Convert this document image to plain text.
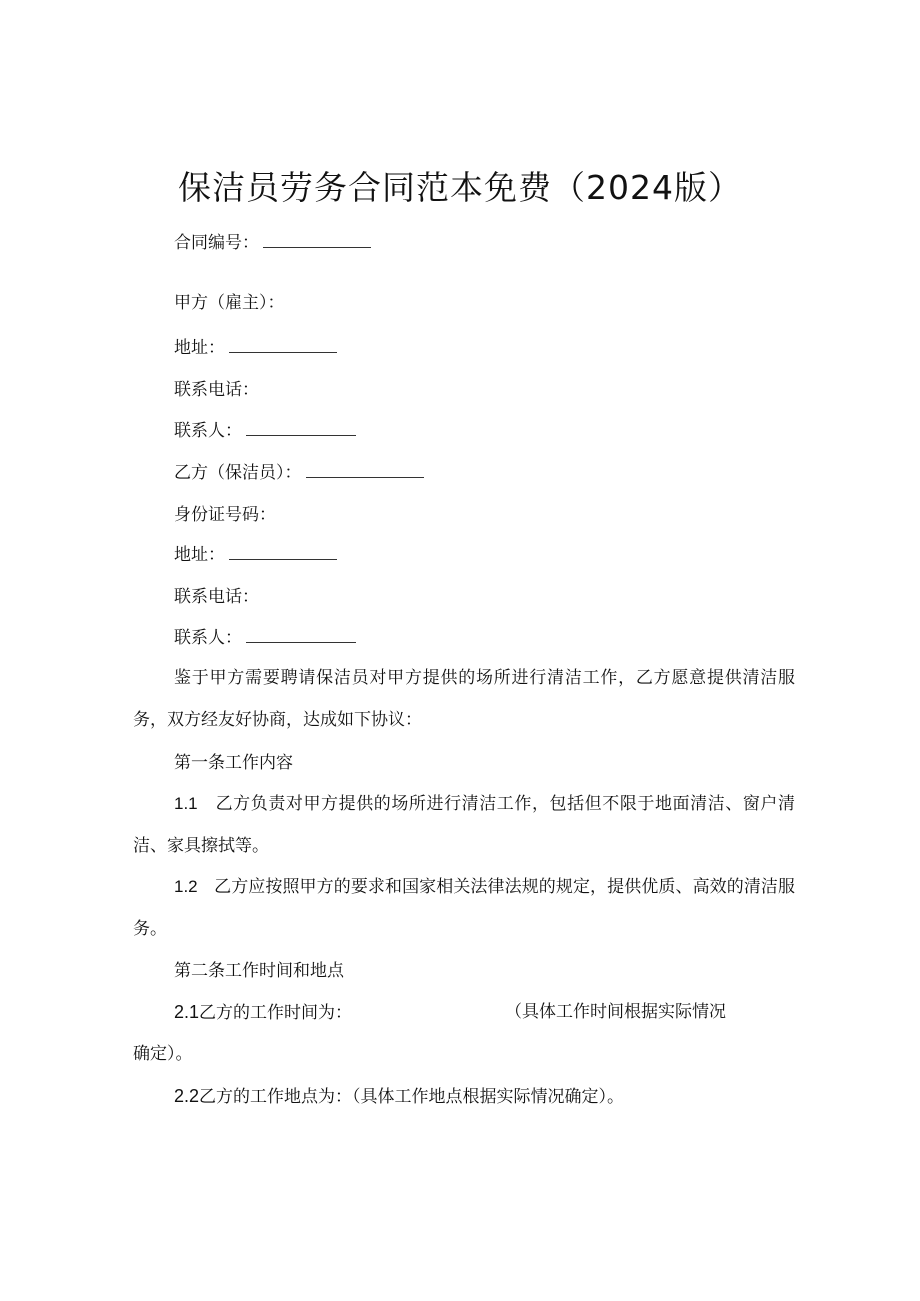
保洁员劳务合同范本免费（2024版）
合同编号：
甲方（雇主）：
地址：
联系电话：
联系人：
乙方（保洁员）：
身份证号码：
地址：
联系电话：
联系人：

鉴于甲方需要聘请保洁员对甲方提供的场所进行清洁工作，乙方愿意提供清洁服务，双方经友好协商，达成如下协议：

第一条工作内容

1.1 乙方负责对甲方提供的场所进行清洁工作，包括但不限于地面清洁、窗户清洁、家具擦拭等。

1.2 乙方应按照甲方的要求和国家相关法律法规的规定，提供优质、高效的清洁服务。

第二条工作时间和地点
2.1乙方的工作时间为：	（具体工作时间根据实际情况
确定）。
2.2乙方的工作地点为：（具体工作地点根据实际情况确定）。
